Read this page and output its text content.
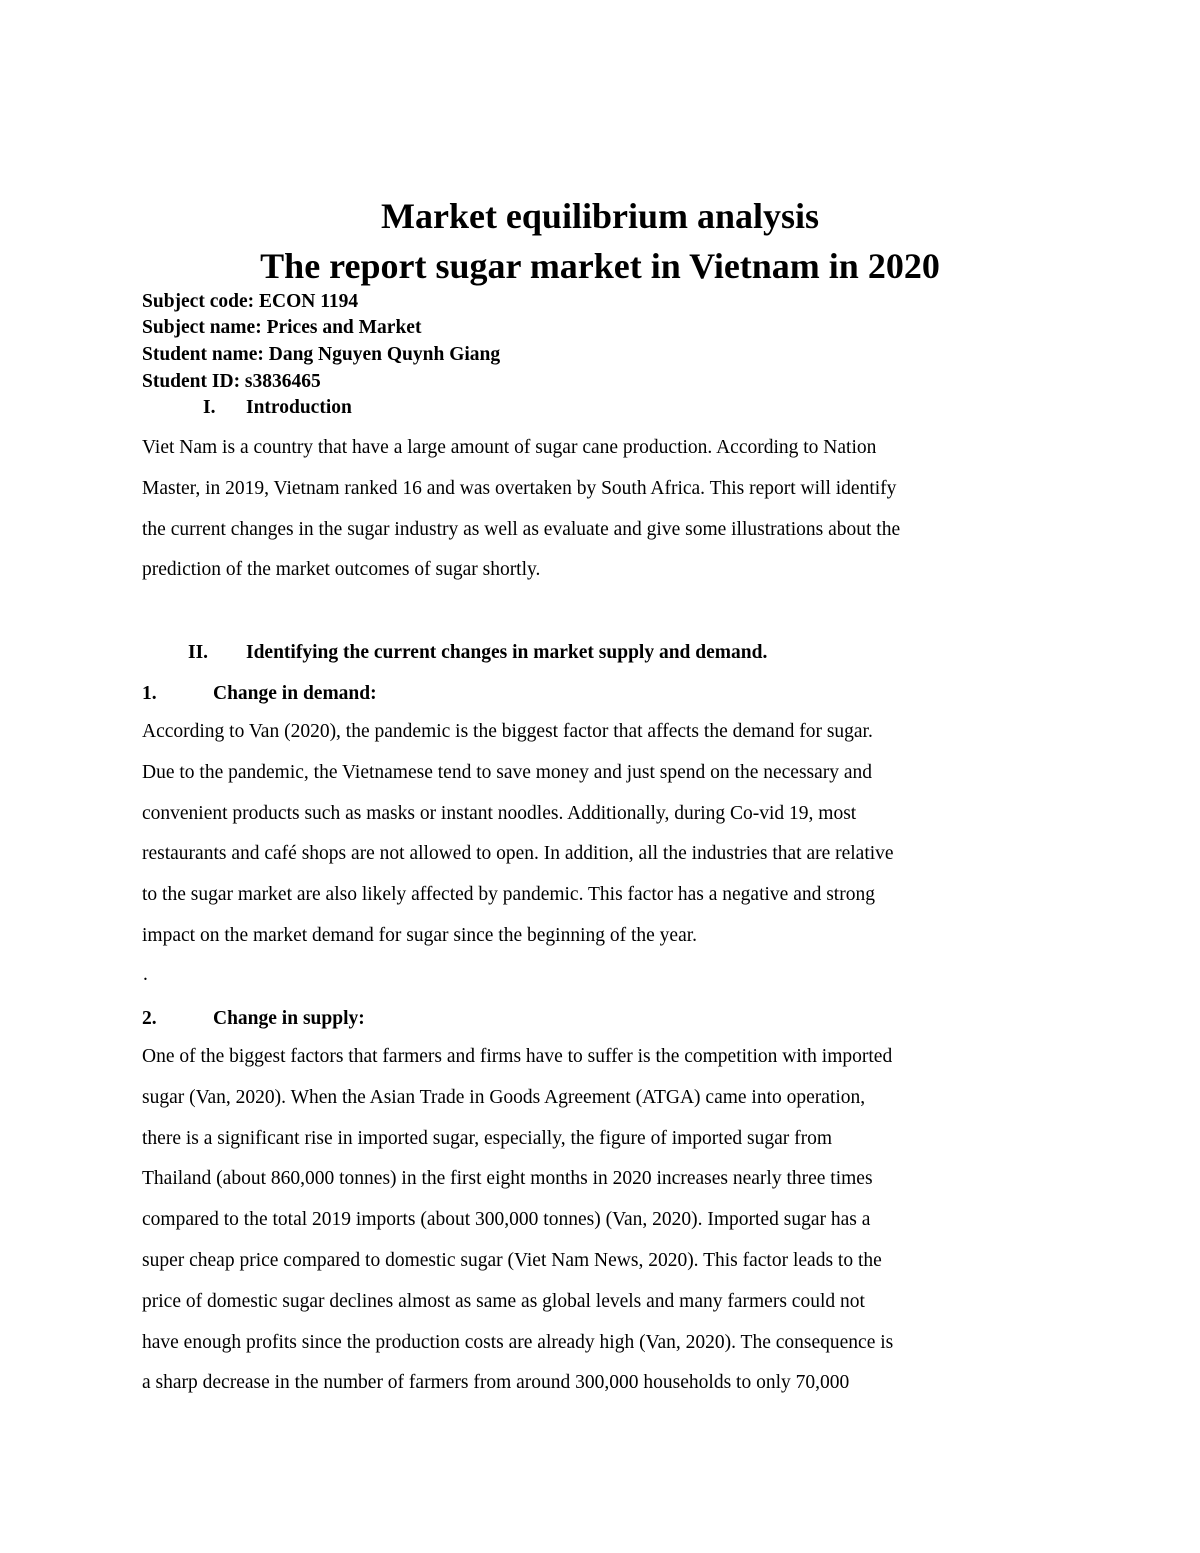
Market equilibrium analysis
The report sugar market in Vietnam in 2020

Subject code: ECON 1194

Subject name: Prices and Market

Student name: Dang Nguyen Quynh Giang

Student ID: s3836465

I. Introduction
Viet Nam is a country that have a large amount of sugar cane production. According to Nation
Master, in 2019, Vietnam ranked 16 and was overtaken by South Africa. This report will identify
the current changes in the sugar industry as well as evaluate and give some illustrations about the
prediction of the market outcomes of sugar shortly.
II. Identifying the current changes in market supply and demand.
1.	Change in demand:
According to Van (2020), the pandemic is the biggest factor that affects the demand for sugar.
Due to the pandemic, the Vietnamese tend to save money and just spend on the necessary and
convenient products such as masks or instant noodles. Additionally, during Co-vid 19, most
restaurants and café shops are not allowed to open. In addition, all the industries that are relative
to the sugar market are also likely affected by pandemic. This factor has a negative and strong
impact on the market demand for sugar since the beginning of the year.

.

2.	Change in supply:
One of the biggest factors that farmers and firms have to suffer is the competition with imported
sugar (Van, 2020). When the Asian Trade in Goods Agreement (ATGA) came into operation,
there is a significant rise in imported sugar, especially, the figure of imported sugar from
Thailand (about 860,000 tonnes) in the first eight months in 2020 increases nearly three times
compared to the total 2019 imports (about 300,000 tonnes) (Van, 2020). Imported sugar has a
super cheap price compared to domestic sugar (Viet Nam News, 2020). This factor leads to the
price of domestic sugar declines almost as same as global levels and many farmers could not
have enough profits since the production costs are already high (Van, 2020). The consequence is
a sharp decrease in the number of farmers from around 300,000 households to only 70,000
